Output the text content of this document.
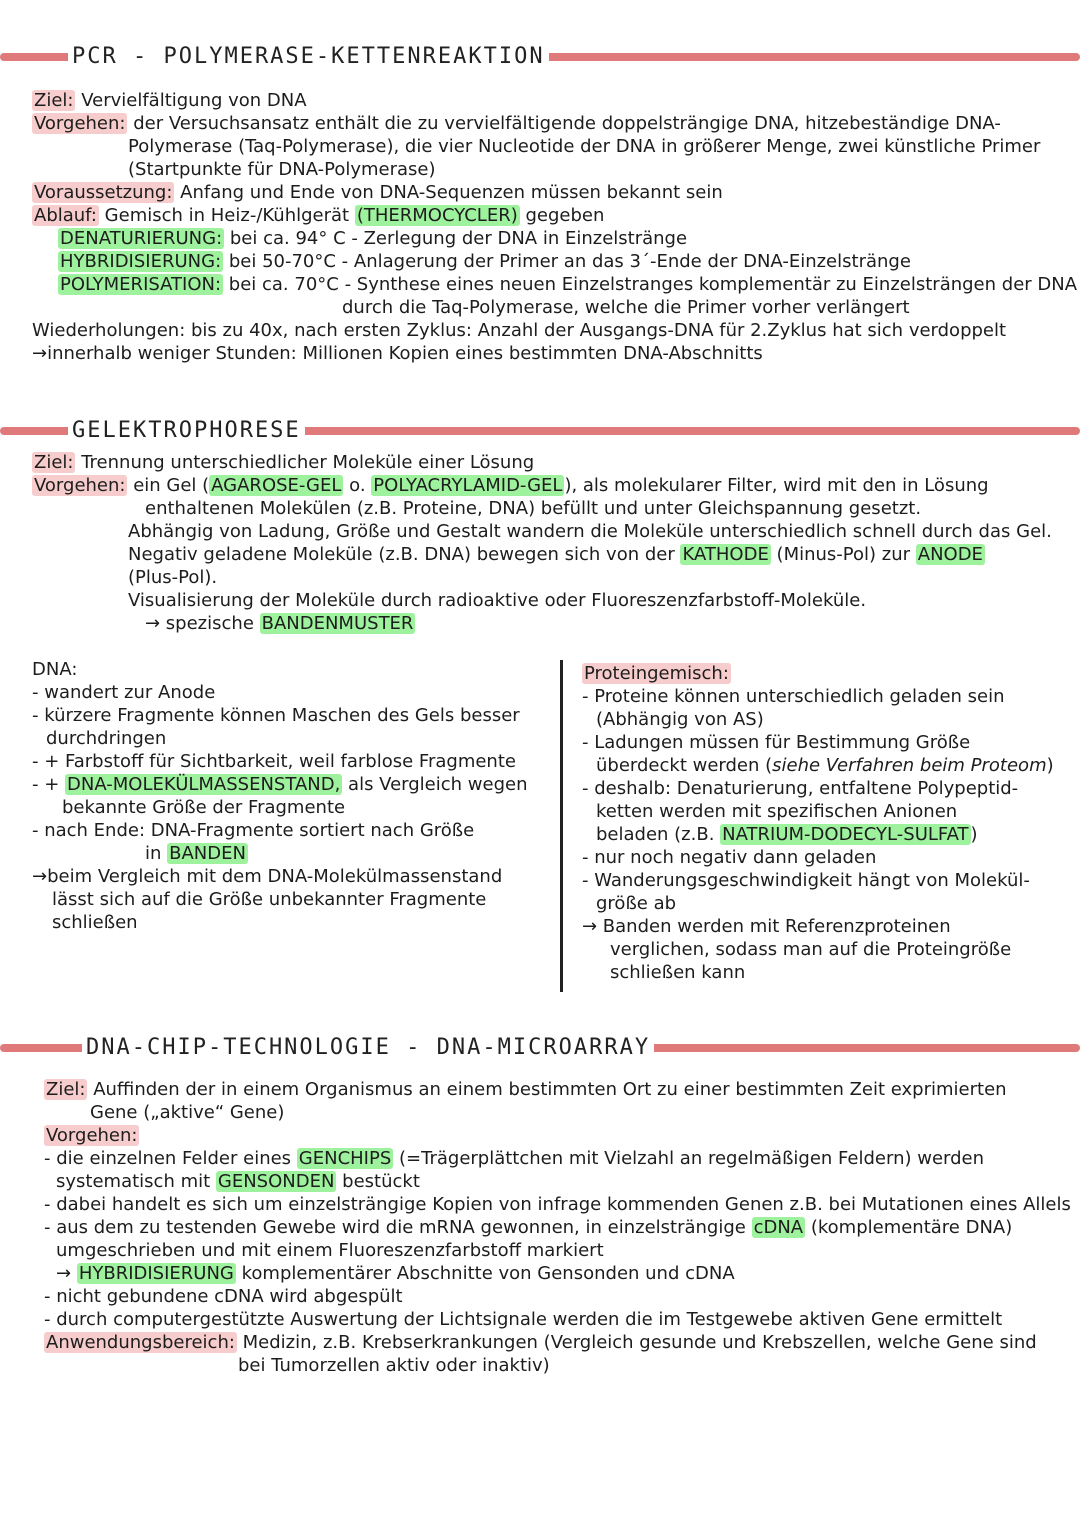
PCR - POLYMERASE-KETTENREAKTION
Ziel: Vervielfältigung von DNA
Vorgehen: der Versuchsansatz enthält die zu vervielfältigende doppelsträngige DNA, hitzebeständige DNA-
Polymerase (Taq-Polymerase), die vier Nucleotide der DNA in größerer Menge, zwei künstliche Primer
(Startpunkte für DNA-Polymerase)
Voraussetzung: Anfang und Ende von DNA-Sequenzen müssen bekannt sein
Ablauf: Gemisch in Heiz-/Kühlgerät (THERMOCYCLER) gegeben
DENATURIERUNG: bei ca. 94° C - Zerlegung der DNA in Einzelstränge
HYBRIDISIERUNG: bei 50-70°C - Anlagerung der Primer an das 3´-Ende der DNA-Einzelstränge
POLYMERISATION: bei ca. 70°C - Synthese eines neuen Einzelstranges komplementär zu Einzelsträngen der DNA
durch die Taq-Polymerase, welche die Primer vorher verlängert
Wiederholungen: bis zu 40x, nach ersten Zyklus: Anzahl der Ausgangs-DNA für 2.Zyklus hat sich verdoppelt
→innerhalb weniger Stunden: Millionen Kopien eines bestimmten DNA-Abschnitts
GELEKTROPHORESE
Ziel: Trennung unterschiedlicher Moleküle einer Lösung
Vorgehen: ein Gel ( AGAROSE-GEL o. POLYACRYLAMID-GEL ), als molekularer Filter, wird mit den in Lösung
enthaltenen Molekülen (z.B. Proteine, DNA) befüllt und unter Gleichspannung gesetzt.
Abhängig von Ladung, Größe und Gestalt wandern die Moleküle unterschiedlich schnell durch das Gel.
Negativ geladene Moleküle (z.B. DNA) bewegen sich von der KATHODE (Minus-Pol) zur ANODE
(Plus-Pol).
Visualisierung der Moleküle durch radioaktive oder Fluoreszenzfarbstoff-Moleküle.
→ spezische BANDENMUSTER
DNA:
- wandert zur Anode
- kürzere Fragmente können Maschen des Gels besser
durchdringen
- + Farbstoff für Sichtbarkeit, weil farblose Fragmente
- + DNA-MOLEKÜLMASSENSTAND, als Vergleich wegen
bekannte Größe der Fragmente
- nach Ende: DNA-Fragmente sortiert nach Größe
in BANDEN
→beim Vergleich mit dem DNA-Molekülmassenstand
lässt sich auf die Größe unbekannter Fragmente
schließen
Proteingemisch:
- Proteine können unterschiedlich geladen sein
(Abhängig von AS)
- Ladungen müssen für Bestimmung Größe
überdeckt werden (siehe Verfahren beim Proteom)
- deshalb: Denaturierung, entfaltene Polypeptid-
ketten werden mit spezifischen Anionen
beladen (z.B. NATRIUM-DODECYL-SULFAT )
- nur noch negativ dann geladen
- Wanderungsgeschwindigkeit hängt von Molekül-
größe ab
→ Banden werden mit Referenzproteinen
verglichen, sodass man auf die Proteingröße
schließen kann
DNA-CHIP-TECHNOLOGIE - DNA-MICROARRAY
Ziel: Auffinden der in einem Organismus an einem bestimmten Ort zu einer bestimmten Zeit exprimierten
Gene („aktive“ Gene)
Vorgehen:
- die einzelnen Felder eines GENCHIPS (=Trägerplättchen mit Vielzahl an regelmäßigen Feldern) werden
systematisch mit GENSONDEN bestückt
- dabei handelt es sich um einzelsträngige Kopien von infrage kommenden Genen z.B. bei Mutationen eines Allels
- aus dem zu testenden Gewebe wird die mRNA gewonnen, in einzelsträngige cDNA (komplementäre DNA)
umgeschrieben und mit einem Fluoreszenzfarbstoff markiert
→ HYBRIDISIERUNG komplementärer Abschnitte von Gensonden und cDNA
- nicht gebundene cDNA wird abgespült
- durch computergestützte Auswertung der Lichtsignale werden die im Testgewebe aktiven Gene ermittelt
Anwendungsbereich: Medizin, z.B. Krebserkrankungen (Vergleich gesunde und Krebszellen, welche Gene sind
bei Tumorzellen aktiv oder inaktiv)
